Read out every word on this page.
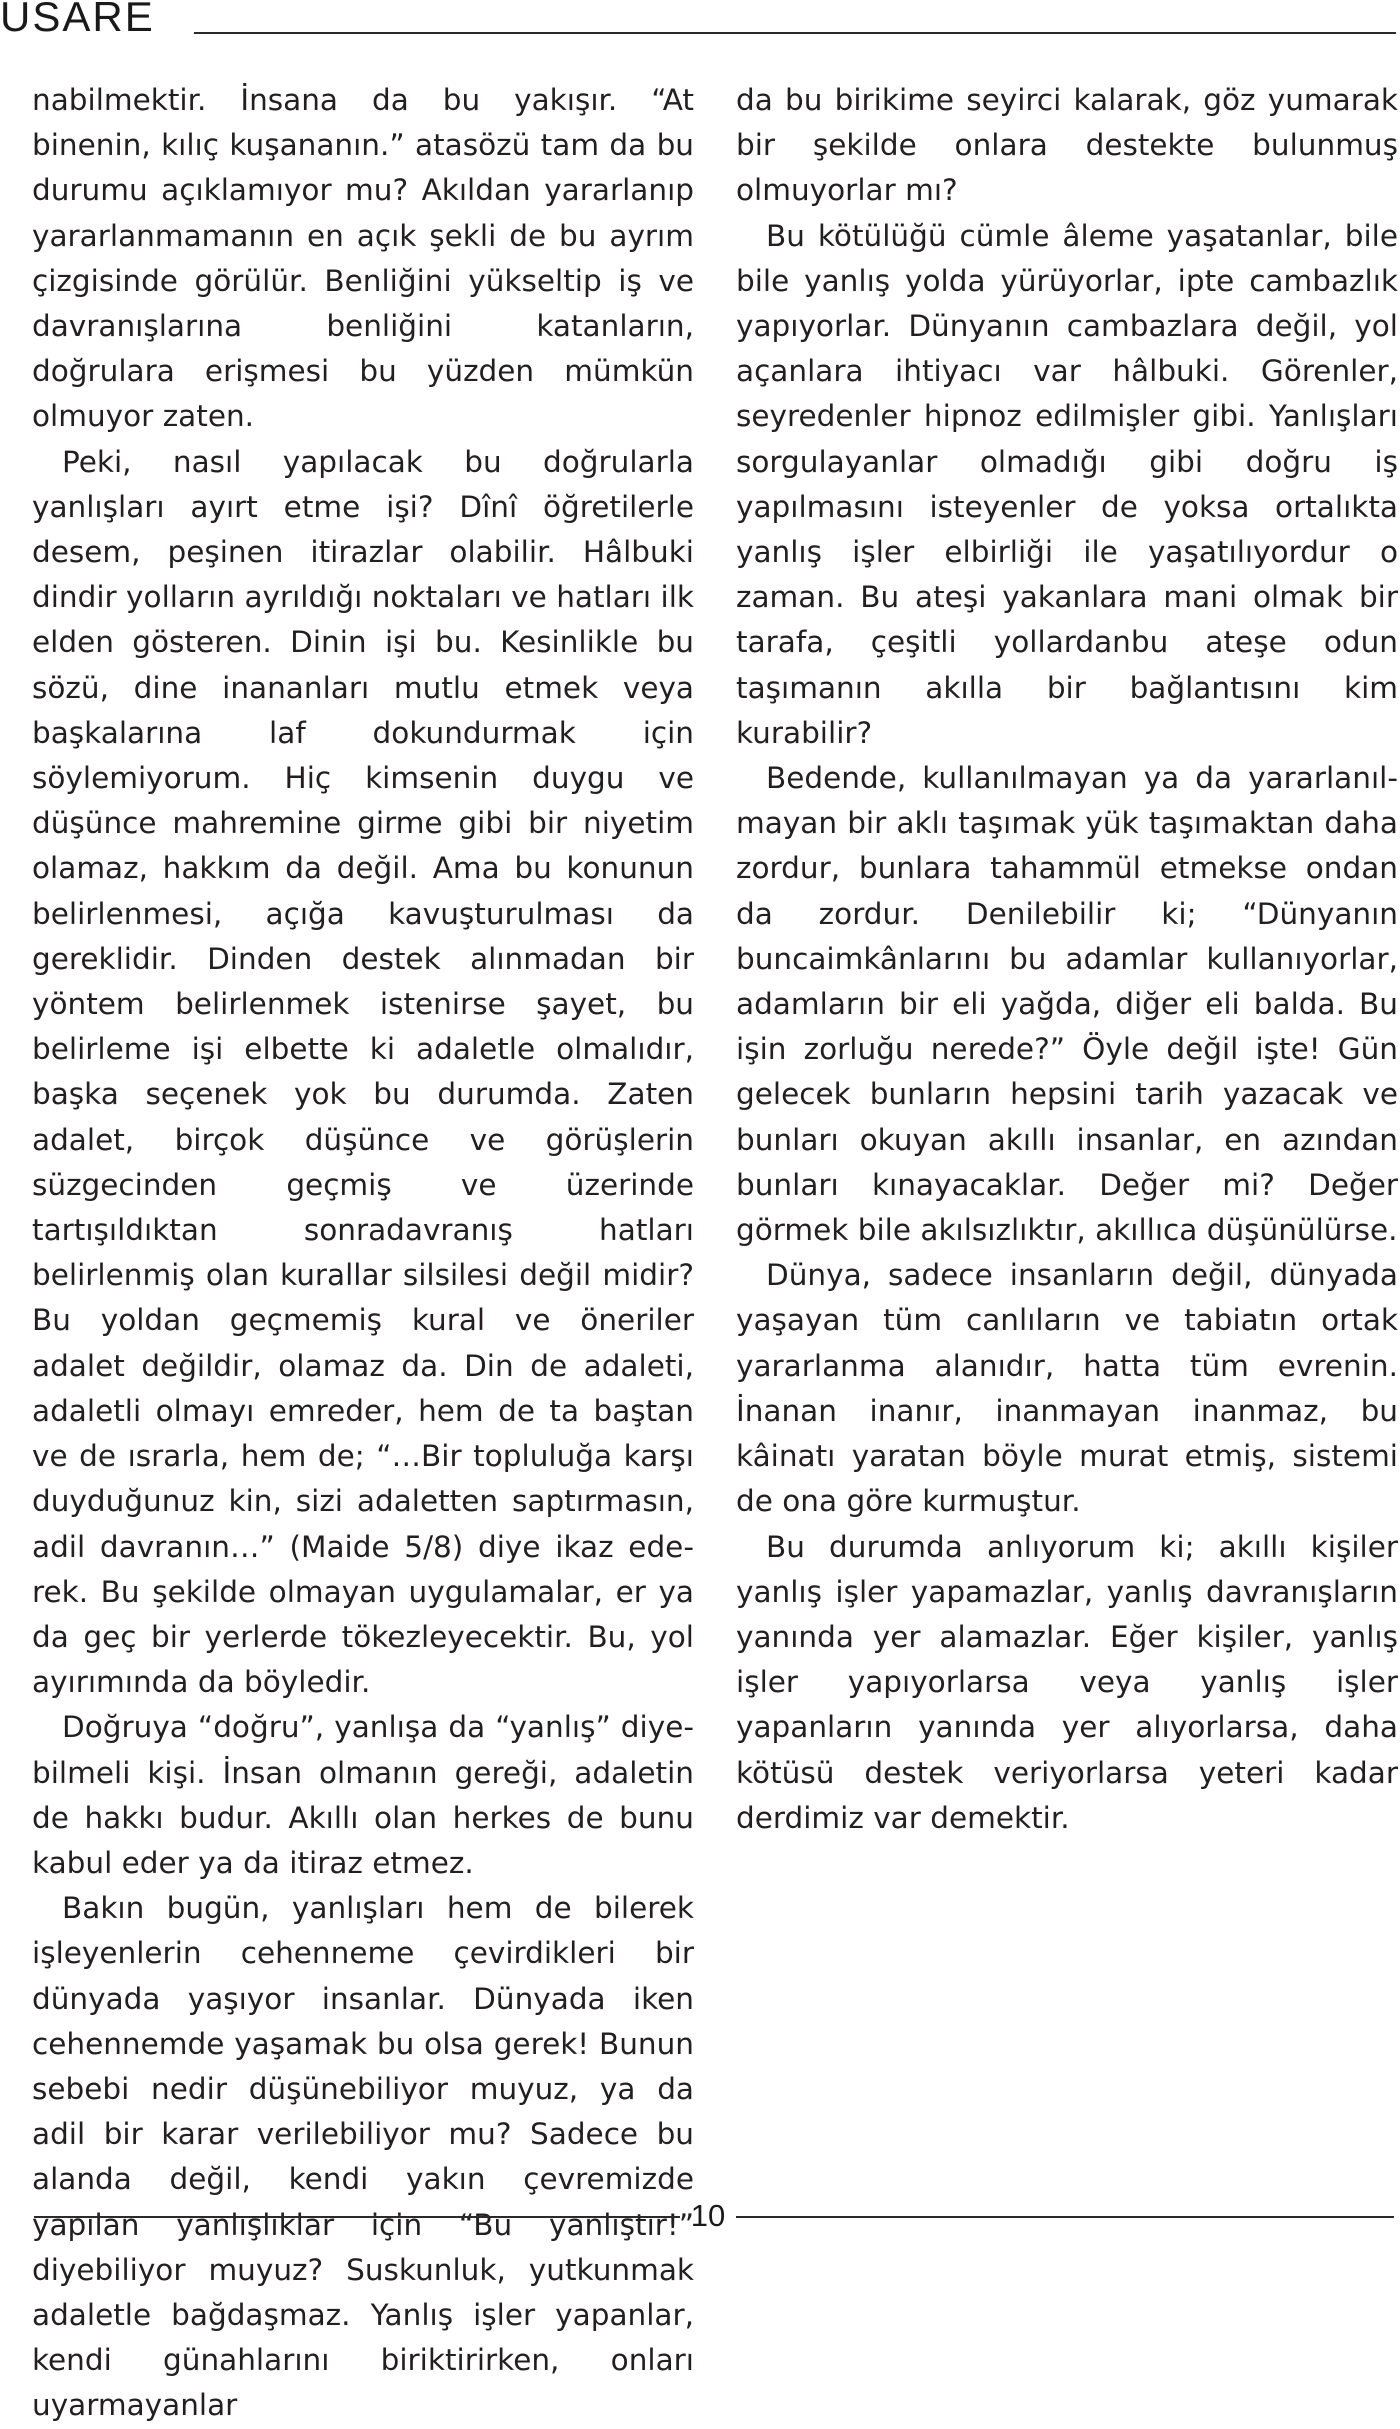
USARE

nabilmektir. İnsana da bu yakışır. “At binenin, kılıç kuşananın.” atasözü tam da bu durumu açıklamıyor mu? Akıldan yararlanıp yararlanmamanın en açık şekli de bu ayrım çizgisinde görülür. Benliğini yükseltip iş ve davranışlarına benliğini katanların, doğrulara erişmesi bu yüzden mümkün olmuyor zaten.

Peki, nasıl yapılacak bu doğrularla yanlışları ayırt etme işi? Dînî öğretilerle desem, peşinen itirazlar olabilir. Hâlbuki dindir yolların ayrıldığı noktaları ve hatları ilk elden gösteren. Dinin işi bu. Kesinlikle bu sözü, dine inananları mutlu etmek veya başkalarına laf dokundurmak için söylemiyorum. Hiç kimsenin duygu ve düşünce mahremine girme gibi bir niyetim olamaz, hakkım da değil. Ama bu konunun belirlenmesi, açığa kavuşturulması da gereklidir. Dinden destek alınmadan bir yöntem belirlenmek istenirse şayet, bu belirleme işi elbette ki adaletle olmalıdır, başka seçenek yok bu durumda. Zaten adalet, birçok düşünce ve görüşlerin süzgecinden geçmiş ve üzerinde tartışıldıktan sonradavranış hatları belirlenmiş olan kurallar silsilesi değil midir? Bu yoldan geçmemiş kural ve öneriler adalet değildir, olamaz da. Din de adaleti, adaletli olmayı emreder, hem de ta baştan ve de ısrarla, hem de; “…Bir topluluğa karşı duyduğunuz kin, sizi adaletten saptırmasın, adil davranın…” (Maide 5/8) diye ikaz ederek. Bu şekilde olmayan uygulamalar, er ya da geç bir yerlerde tökezleyecektir. Bu, yol ayırımında da böyledir.

Doğruya “doğru”, yanlışa da “yanlış” diyebilmeli kişi. İnsan olmanın gereği, adaletin de hakkı budur. Akıllı olan herkes de bunu kabul eder ya da itiraz etmez.

Bakın bugün, yanlışları hem de bilerek işleyenlerin cehenneme çevirdikleri bir dünyada yaşıyor insanlar. Dünyada iken cehennemde yaşamak bu olsa gerek! Bunun sebebi nedir düşünebiliyor muyuz, ya da adil bir karar verilebiliyor mu? Sadece bu alanda değil, kendi yakın çevremizde yapılan yanlışlıklar için “Bu yanlıştır!” diyebiliyor muyuz? Suskunluk, yutkunmak adaletle bağdaşmaz. Yanlış işler yapanlar, kendi günahlarını biriktirirken, onları uyarmayanlar

da bu birikime seyirci kalarak, göz yumarak bir şekilde onlara destekte bulunmuş olmuyorlar mı?

Bu kötülüğü cümle âleme yaşatanlar, bile bile yanlış yolda yürüyorlar, ipte cambazlık yapıyorlar. Dünyanın cambazlara değil, yol açanlara ihtiyacı var hâlbuki. Görenler, seyredenler hipnoz edilmişler gibi. Yanlışları sorgulayanlar olmadığı gibi doğru iş yapılmasını isteyenler de yoksa ortalıkta yanlış işler elbirliği ile yaşatılıyordur o zaman. Bu ateşi yakanlara mani olmak bir tarafa, çeşitli yollardanbu ateşe odun taşımanın akılla bir bağlantısını kim kurabilir?

Bedende, kullanılmayan ya da yararlanılmayan bir aklı taşımak yük taşımaktan daha zordur, bunlara tahammül etmekse ondan da zordur. Denilebilir ki; “Dünyanın buncaimkânlarını bu adamlar kullanıyorlar, adamların bir eli yağda, diğer eli balda. Bu işin zorluğu nerede?” Öyle değil işte! Gün gelecek bunların hepsini tarih yazacak ve bunları okuyan akıllı insanlar, en azından bunları kınayacaklar. Değer mi? Değer görmek bile akılsızlıktır, akıllıca düşünülürse.

Dünya, sadece insanların değil, dünyada yaşayan tüm canlıların ve tabiatın ortak yararlanma alanıdır, hatta tüm evrenin. İnanan inanır, inanmayan inanmaz, bu kâinatı yaratan böyle murat etmiş, sistemi de ona göre kurmuştur.

Bu durumda anlıyorum ki; akıllı kişiler yanlış işler yapamazlar, yanlış davranışların yanında yer alamazlar. Eğer kişiler, yanlış işler yapıyorlarsa veya yanlış işler yapanların yanında yer alıyorlarsa, daha kötüsü destek veriyorlarsa yeteri kadar derdimiz var demektir.

10
